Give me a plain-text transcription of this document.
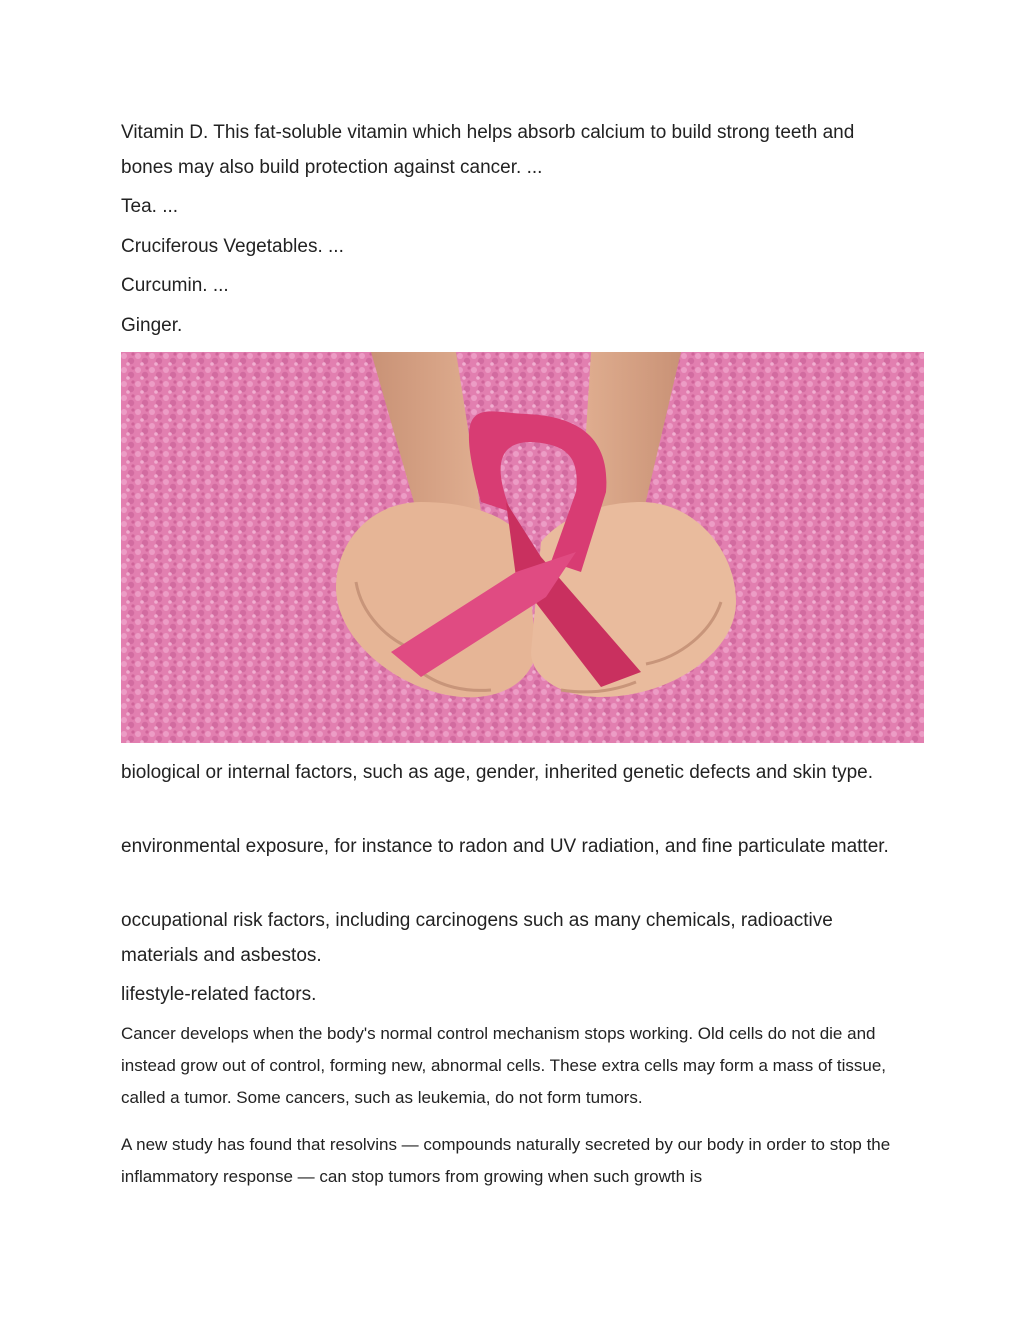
Vitamin D. This fat-soluble vitamin which helps absorb calcium to build strong teeth and bones may also build protection against cancer. ...

Tea. ...

Cruciferous Vegetables. ...

Curcumin. ...

Ginger.

biological or internal factors, such as age, gender, inherited genetic defects and skin type.

environmental exposure, for instance to radon and UV radiation, and fine particulate matter.

occupational risk factors, including carcinogens such as many chemicals, radioactive materials and asbestos.

lifestyle-related factors.

Cancer develops when the body's normal control mechanism stops working. Old cells do not die and instead grow out of control, forming new, abnormal cells. These extra cells may form a mass of tissue, called a tumor. Some cancers, such as leukemia, do not form tumors.

A new study has found that resolvins — compounds naturally secreted by our body in order to stop the inflammatory response — can stop tumors from growing when such growth is
